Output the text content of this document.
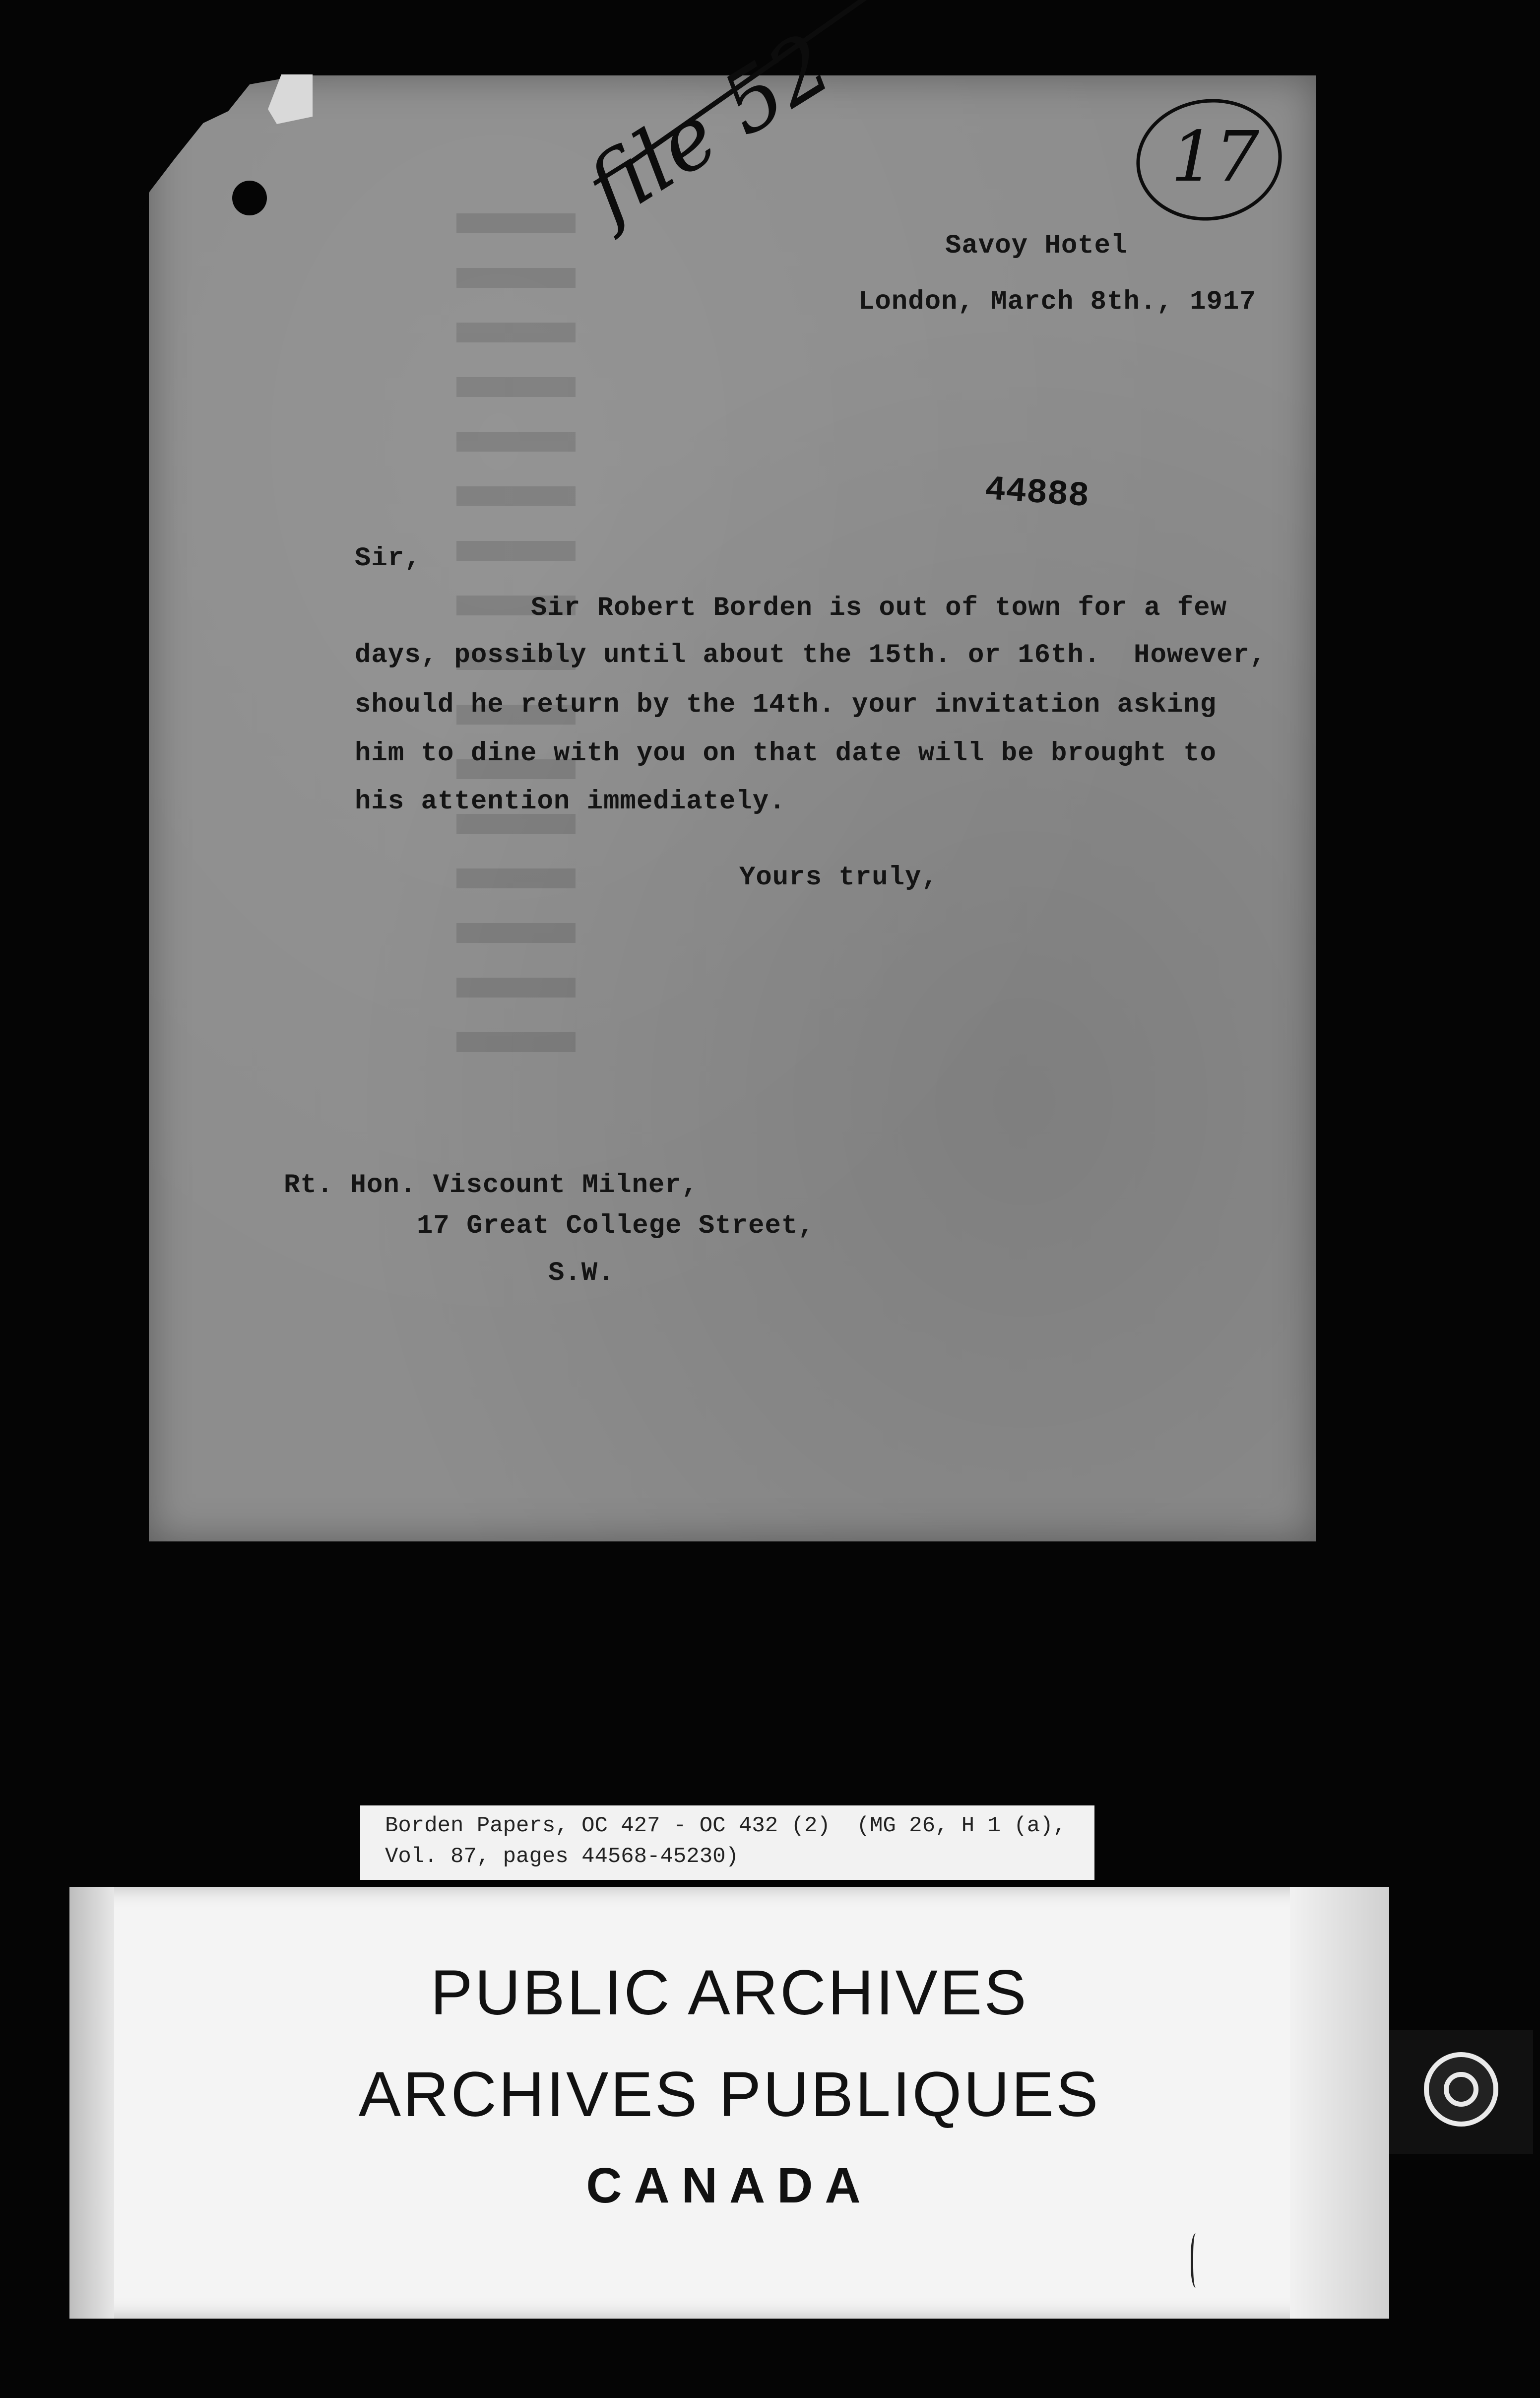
file 52	17
Savoy Hotel
London, March 8th., 1917
44888
Sir,
Sir Robert Borden is out of town for a few
days, possibly until about the 15th. or 16th.  However,
should he return by the 14th. your invitation asking
him to dine with you on that date will be brought to
his attention immediately.
Yours truly,
Rt. Hon. Viscount Milner,
17 Great College Street,
S.W.
Borden Papers, OC 427 - OC 432 (2)  (MG 26, H 1 (a),
Vol. 87, pages 44568-45230)
PUBLIC ARCHIVES
ARCHIVES PUBLIQUES
CANADA
